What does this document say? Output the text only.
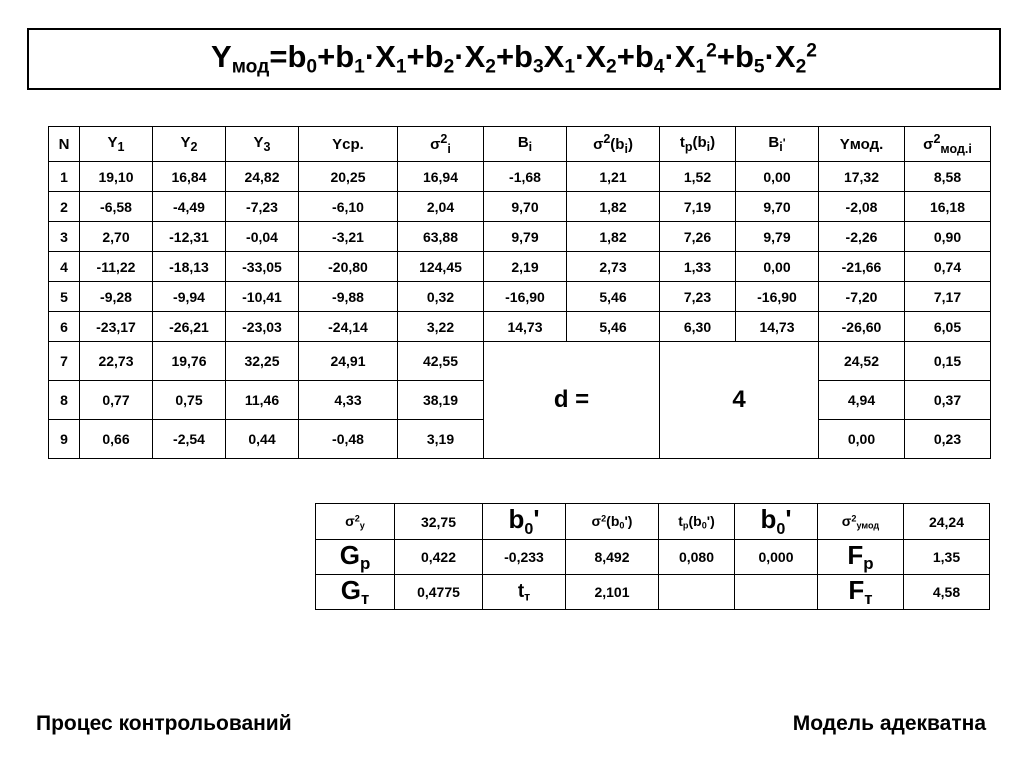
$Y_{мод}=b_0+b_1\cdot X_1+b_2\cdot X_2+b_3X_1\cdot X_2+b_4\cdot X_1^2+b_5\cdot X_2^2$
N	$Y_1$	$Y_2$	$Y_3$	Yср.	$\sigma^2_i$	$B_i$	$\sigma^2(b_i)$	$t_p(b_i)$	$B_i'$	Yмод.	$\sigma^2_{мод.i}$
1	19,10	16,84	24,82	20,25	16,94	-1,68	1,21	1,52	0,00	17,32	8,58
2	-6,58	-4,49	-7,23	-6,10	2,04	9,70	1,82	7,19	9,70	-2,08	16,18
3	2,70	-12,31	-0,04	-3,21	63,88	9,79	1,82	7,26	9,79	-2,26	0,90
4	-11,22	-18,13	-33,05	-20,80	124,45	2,19	2,73	1,33	0,00	-21,66	0,74
5	-9,28	-9,94	-10,41	-9,88	0,32	-16,90	5,46	7,23	-16,90	-7,20	7,17
6	-23,17	-26,21	-23,03	-24,14	3,22	14,73	5,46	6,30	14,73	-26,60	6,05
7	22,73	19,76	32,25	24,91	42,55	d =		4		24,52	0,15
8	0,77	0,75	11,46	4,33	38,19					4,94	0,37
9	0,66	-2,54	0,44	-0,48	3,19					0,00	0,23
$\sigma^2_у$	32,75	$b_0'$	$\sigma^2(b_0')$	$t_p(b_0')$	$b_0'$	$\sigma^2_{умод}$	24,24
$G_р$	0,422	-0,233	8,492	0,080	0,000	$F_р$	1,35
$G_т$	0,4775	$t_т$	2,101			$F_т$	4,58
Процес контрольований	Модель адекватна
